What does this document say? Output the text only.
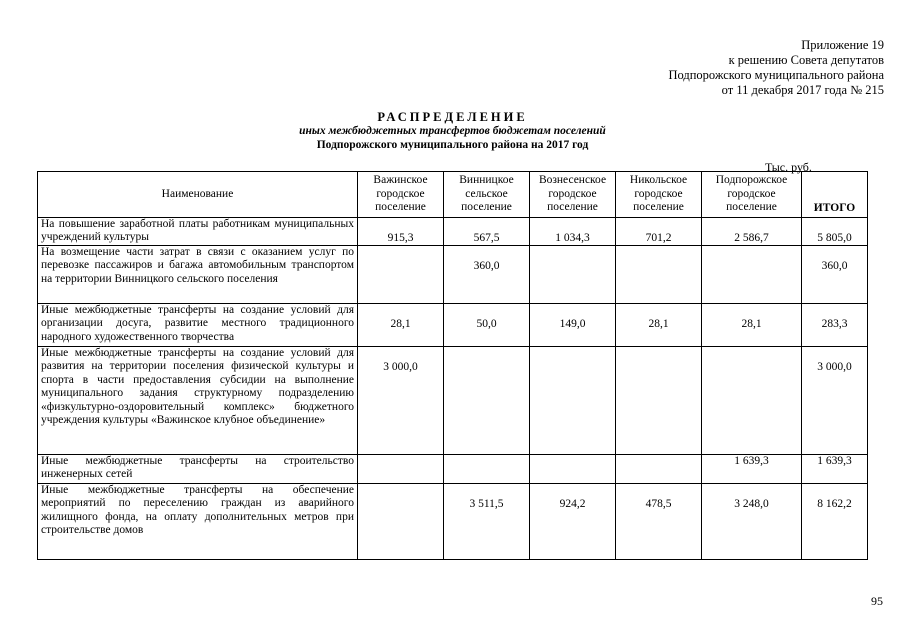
Приложение 19
к решению Совета депутатов
Подпорожского муниципального района
от 11 декабря 2017 года № 215
РАСПРЕДЕЛЕНИЕ
иных межбюджетных трансфертов бюджетам поселений
Подпорожского муниципального района на 2017 год
Тыс. руб.
Наименование	Важинское городское поселение	Винницкое сельское поселение	Вознесенское городское поселение	Никольское городское поселение	Подпорожское городское поселение	ИТОГО
На повышение заработной платы работникам муниципальных учреждений культуры	915,3	567,5	1 034,3	701,2	2 586,7	5 805,0
На возмещение части затрат в связи с оказанием услуг по перевозке пассажиров и багажа автомобильным транспортом на территории Винницкого сельского поселения		360,0				360,0
Иные межбюджетные трансферты на создание условий для организации досуга, развитие местного традиционного народного художественного творчества	28,1	50,0	149,0	28,1	28,1	283,3
Иные межбюджетные трансферты на создание условий для развития на территории поселения физической культуры и спорта в части предоставления субсидии на выполнение муниципального задания структурному подразделению «физкультурно-оздоровительный комплекс» бюджетного учреждения культуры «Важинское клубное объединение»	3 000,0					3 000,0
Иные межбюджетные трансферты на строительство инженерных сетей					1 639,3	1 639,3
Иные межбюджетные трансферты на обеспечение мероприятий по переселению граждан из аварийного жилищного фонда, на оплату дополнительных метров при строительстве домов		3 511,5	924,2	478,5	3 248,0	8 162,2
95
